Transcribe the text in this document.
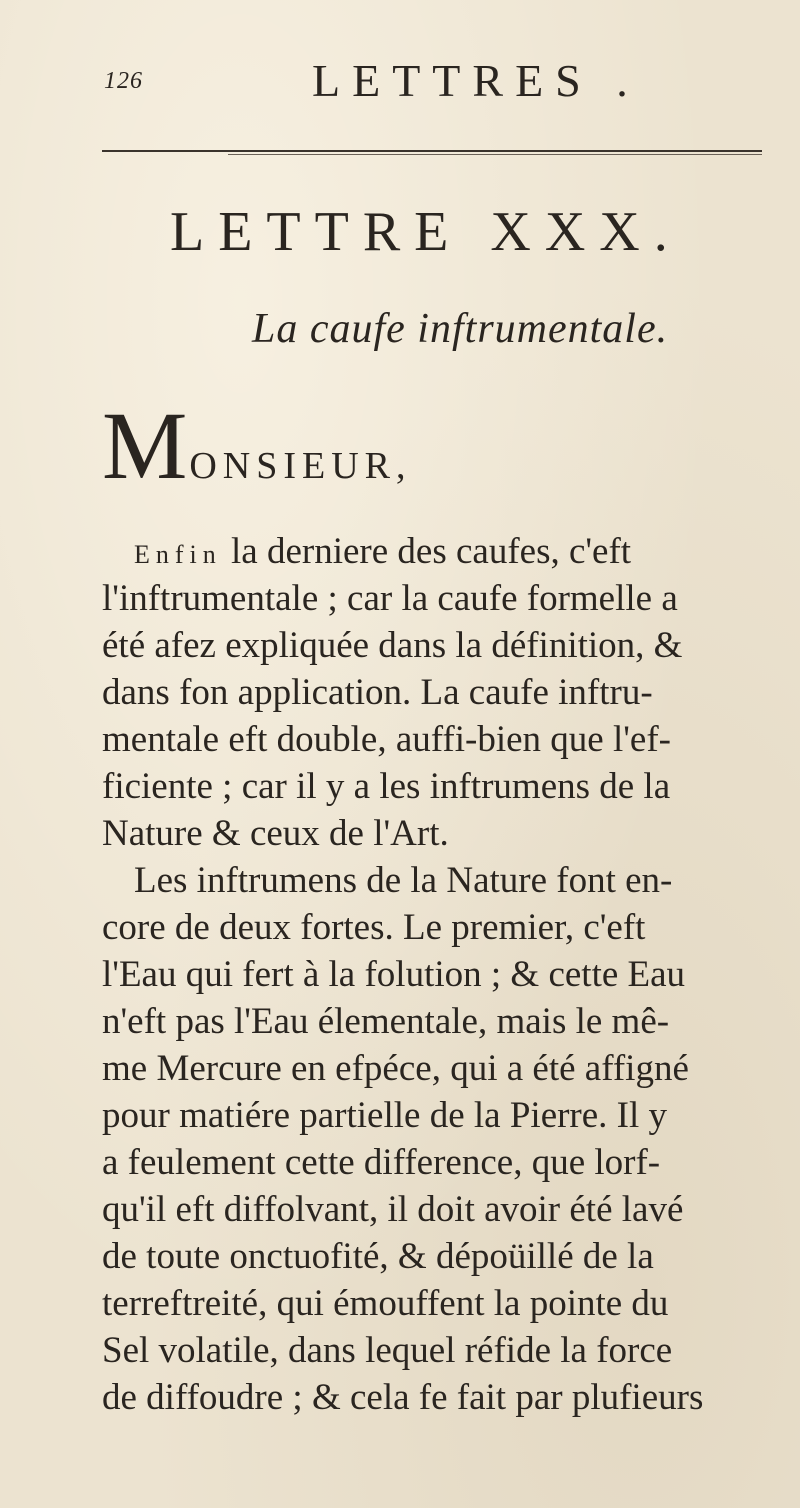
126	LETTRES .
LETTRE XXX.
La caufe inftrumentale.
M ONSIEUR,
Enfin la derniere des caufes, c'eft
l'inftrumentale ; car la caufe formelle a
été afez expliquée dans la définition, &
dans fon application. La caufe inftru-
mentale eft double, auffi-bien que l'ef-
ficiente ; car il y a les inftrumens de la
Nature & ceux de l'Art.
Les inftrumens de la Nature font en-
core de deux fortes. Le premier, c'eft
l'Eau qui fert à la folution ; & cette Eau
n'eft pas l'Eau élementale, mais le mê-
me Mercure en efpéce, qui a été affigné
pour matiére partielle de la Pierre. Il y
a feulement cette difference, que lorf-
qu'il eft diffolvant, il doit avoir été lavé
de toute onctuofité, & dépoüillé de la
terreftreité, qui émouffent la pointe du
Sel volatile, dans lequel réfide la force
de diffoudre ; & cela fe fait par plufieurs
